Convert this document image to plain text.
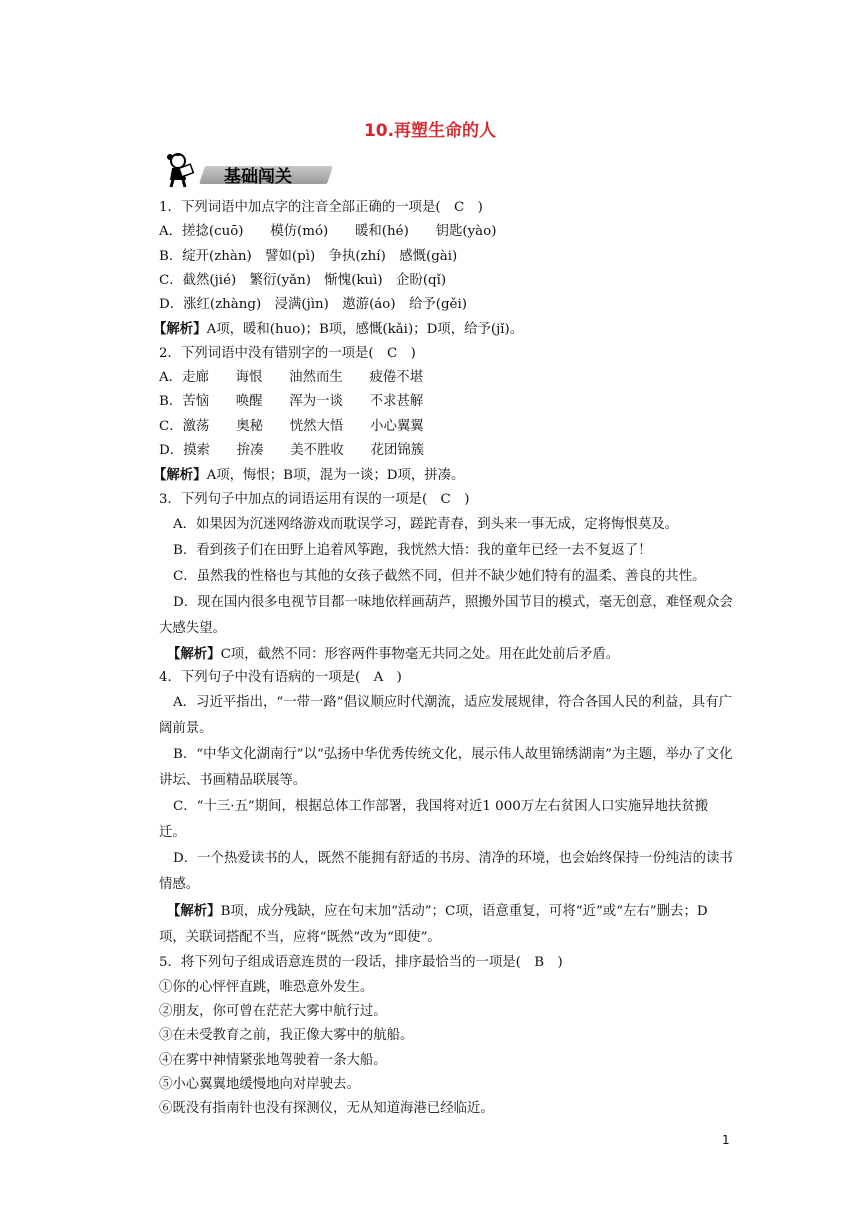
10.再塑生命的人
基础闯关
1．下列词语中加点字的注音全部正确的一项是(　C　)
A．搓捻(cuō)　　模仿(mó)　　暖和(hé)　　钥匙(yào)
B．绽开(zhàn)　譬如(pì)　争执(zhí)　感慨(gài)
C．截然(jié)　繁衍(yǎn)　惭愧(kuì)　企盼(qǐ)
D．涨红(zhàng)　浸满(jìn)　遨游(áo)　给予(gěi)
【解析】A项，暖和(huo)；B项，感慨(kǎi)；D项，给予(jǐ)。
2．下列词语中没有错别字的一项是(　C　)
A．走廊　　诲恨　　油然而生　　疲倦不堪
B．苦恼　　唤醒　　浑为一谈　　不求甚解
C．激荡　　奥秘　　恍然大悟　　小心翼翼
D．摸索　　拚凑　　美不胜收　　花团锦簇
【解析】A项，悔恨；B项，混为一谈；D项，拼凑。
3．下列句子中加点的词语运用有误的一项是(　C　)
A．如果因为沉迷网络游戏而耽误学习，蹉跎青春，到头来一事无成，定将悔恨莫及。
B．看到孩子们在田野上追着风筝跑，我恍然大悟：我的童年已经一去不复返了！
C．虽然我的性格也与其他的女孩子截然不同，但并不缺少她们特有的温柔、善良的共性。
D．现在国内很多电视节目都一味地依样画葫芦，照搬外国节目的模式，毫无创意，难怪观众会大感失望。
【解析】C项，截然不同：形容两件事物毫无共同之处。用在此处前后矛盾。
4．下列句子中没有语病的一项是(　A　)
A．习近平指出，“一带一路”倡议顺应时代潮流，适应发展规律，符合各国人民的利益，具有广阔前景。
B．“中华文化湖南行”以“弘扬中华优秀传统文化，展示伟人故里锦绣湖南”为主题，举办了文化讲坛、书画精品联展等。
C．“十三·五”期间，根据总体工作部署，我国将对近1 000万左右贫困人口实施异地扶贫搬迁。
D．一个热爱读书的人，既然不能拥有舒适的书房、清净的环境，也会始终保持一份纯洁的读书情感。
【解析】B项，成分残缺，应在句末加“活动”；C项，语意重复，可将“近”或“左右”删去；D项，关联词搭配不当，应将“既然”改为“即使”。
5．将下列句子组成语意连贯的一段话，排序最恰当的一项是(　B　)
①你的心怦怦直跳，唯恐意外发生。
②朋友，你可曾在茫茫大雾中航行过。
③在未受教育之前，我正像大雾中的航船。
④在雾中神情紧张地驾驶着一条大船。
⑤小心翼翼地缓慢地向对岸驶去。
⑥既没有指南针也没有探测仪，无从知道海港已经临近。
1
